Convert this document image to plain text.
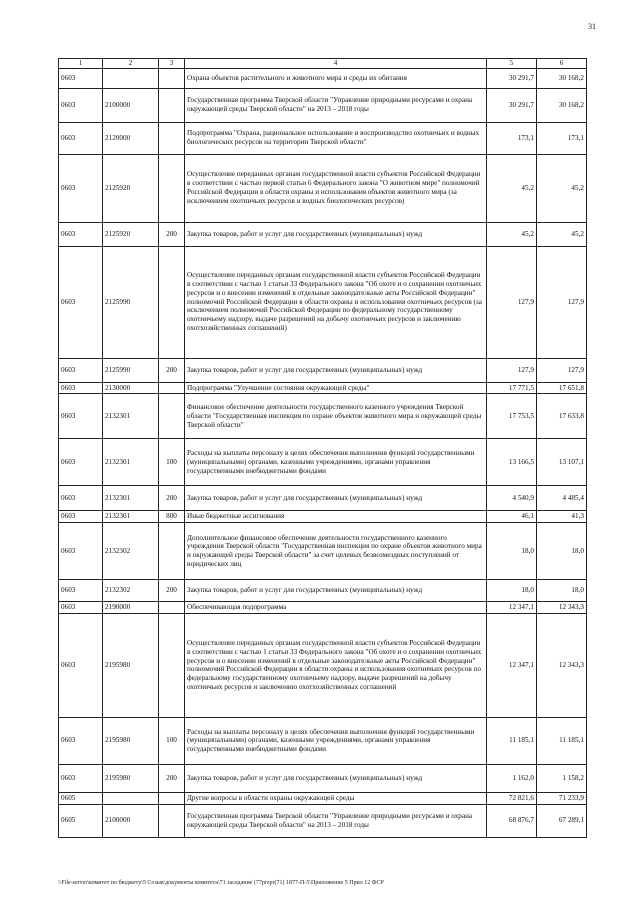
31
1	2	3	4	5	6
0603			Охрана объектов растительного и животного мира и среды их обитания	30 291,7	30 168,2
0603	2100000		Государственная программа Тверской области "Управление природными ресурсами и охрана окружающей среды Тверской области" на 2013 – 2018 годы	30 291,7	30 168,2
0603	2120000		Подпрограмма "Охрана, рациональное использование и воспроизводство охотничьих и водных биологических ресурсов на территории Тверской области"	173,1	173,1
0603	2125920		Осуществление переданных органам государственной власти субъектов Российской Федерации в соответствии с частью первой статьи 6 Федерального закона "О животном мире" полномочий Российской Федерации в области охраны и использования объектов животного мира (за исключением охотничьих ресурсов и водных биологических ресурсов)	45,2	45,2
0603	2125920	200	Закупка товаров, работ и услуг для государственных (муниципальных) нужд	45,2	45,2
0603	2125990		Осуществление переданных органам государственной власти субъектов Российской Федерации в соответствии с частью 1 статьи 33 Федерального закона "Об охоте и о сохранении охотничьих ресурсов и о внесении изменений в отдельные законодательные акты Российской Федерации" полномочий Российской Федерации в области охраны и использования охотничьих ресурсов (за исключением полномочий Российской Федерации по федеральному государственному охотничьему надзору, выдаче разрешений на добычу охотничьих ресурсов и заключению охотхозяйственных соглашений)	127,9	127,9
0603	2125990	200	Закупка товаров, работ и услуг для государственных (муниципальных) нужд	127,9	127,9
0603	2130000		Подпрограмма "Улучшение состояния окружающей среды"	17 771,5	17 651,8
0603	2132301		Финансовое обеспечение деятельности государственного казенного учреждения Тверской области "Государственная инспекция по охране объектов животного мира и окружающей среды Тверской области"	17 753,5	17 633,8
0603	2132301	100	Расходы на выплаты персоналу в целях обеспечения выполнения функций государственными (муниципальными) органами, казенными учреждениями, органами управления государственными внебюджетными фондами	13 166,5	13 107,1
0603	2132301	200	Закупка товаров, работ и услуг для государственных (муниципальных) нужд	4 540,9	4 485,4
0603	2132301	800	Иные бюджетные ассигнования	46,1	41,3
0603	2132302		Дополнительное финансовое обеспечение деятельности государственного казенного учреждения Тверской области "Государственная инспекция по охране объектов животного мира и окружающей среды Тверской области" за счет целевых безвозмездных поступлений от юридических лиц	18,0	18,0
0603	2132302	200	Закупка товаров, работ и услуг для государственных (муниципальных) нужд	18,0	18,0
0603	2190000		Обеспечивающая подпрограмма	12 347,1	12 343,3
0603	2195980		Осуществление переданных органам государственной власти субъектов Российской Федерации в соответствии с частью 1 статьи 33 Федерального закона "Об охоте и о сохранении охотничьих ресурсов и о внесении изменений в отдельные законодательные акты Российской Федерации" полномочий Российской Федерации в области охраны и использования охотничьих ресурсов по федеральному государственному охотничьему надзору, выдаче разрешений на добычу охотничьих ресурсов и заключению охотхозяйственных соглашений	12 347,1	12 343,3
0603	2195980	100	Расходы на выплаты персоналу в целях обеспечения выполнения функций государственными (муниципальными) органами, казенными учреждениями, органами управления государственными внебюджетными фондами	11 185,1	11 185,1
0603	2195980	200	Закупка товаров, работ и услуг для государственных (муниципальных) нужд	1 162,0	1 158,2
0605			Другие вопросы в области охраны окружающей среды	72 821,6	71 233,9
0605	2100000		Государственная программа Тверской области "Управление природными ресурсами и охрана окружающей среды Тверской области" на 2013 – 2018 годы	68 876,7	67 289,1
\\File-server\комитет по бюджету\5 Созыв\документы комитета\71 заседание (77przpr(71) 1877-П-5\Приложение 5 Прил 12 ФСР
